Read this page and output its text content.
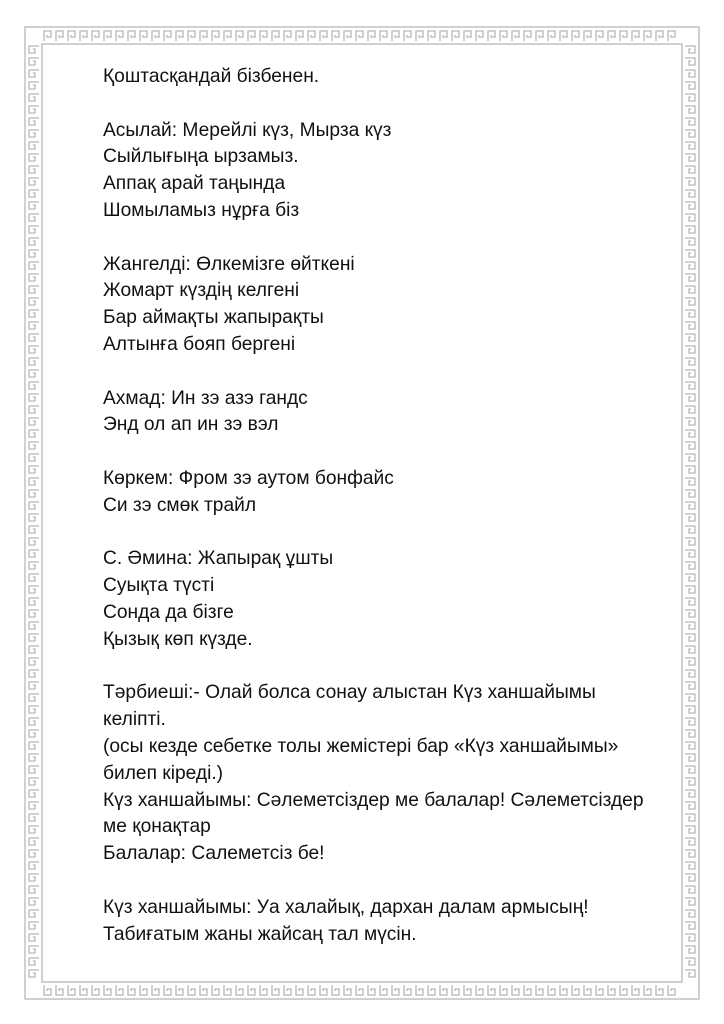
Қоштасқандай бізбенен.
Асылай: Мерейлі күз, Мырза күз
Сыйлығыңа ырзамыз.
Аппақ арай таңында
Шомыламыз нұрға біз
Жангелді: Өлкемізге өйткені
Жомарт күздің келгені
Бар аймақты жапырақты
Алтынға бояп бергені
Ахмад: Ин зэ азэ гандс
Энд ол ап ин зэ вэл
Көркем: Фром зэ аутом бонфайс
Си зэ смөк трайл
С. Әмина: Жапырақ ұшты
Суықта түсті
Сонда да бізге
Қызық көп күзде.
Тәрбиеші:- Олай болса сонау алыстан Күз ханшайымы
келіпті.
(осы кезде себетке толы жемістері бар «Күз ханшайымы»
билеп кіреді.)
Күз ханшайымы: Сәлеметсіздер ме балалар! Сәлеметсіздер
ме қонақтар
Балалар: Салеметсіз бе!
Күз ханшайымы: Уа халайық, дархан далам армысың!
Табиғатым жаны жайсаң тал мүсін.
